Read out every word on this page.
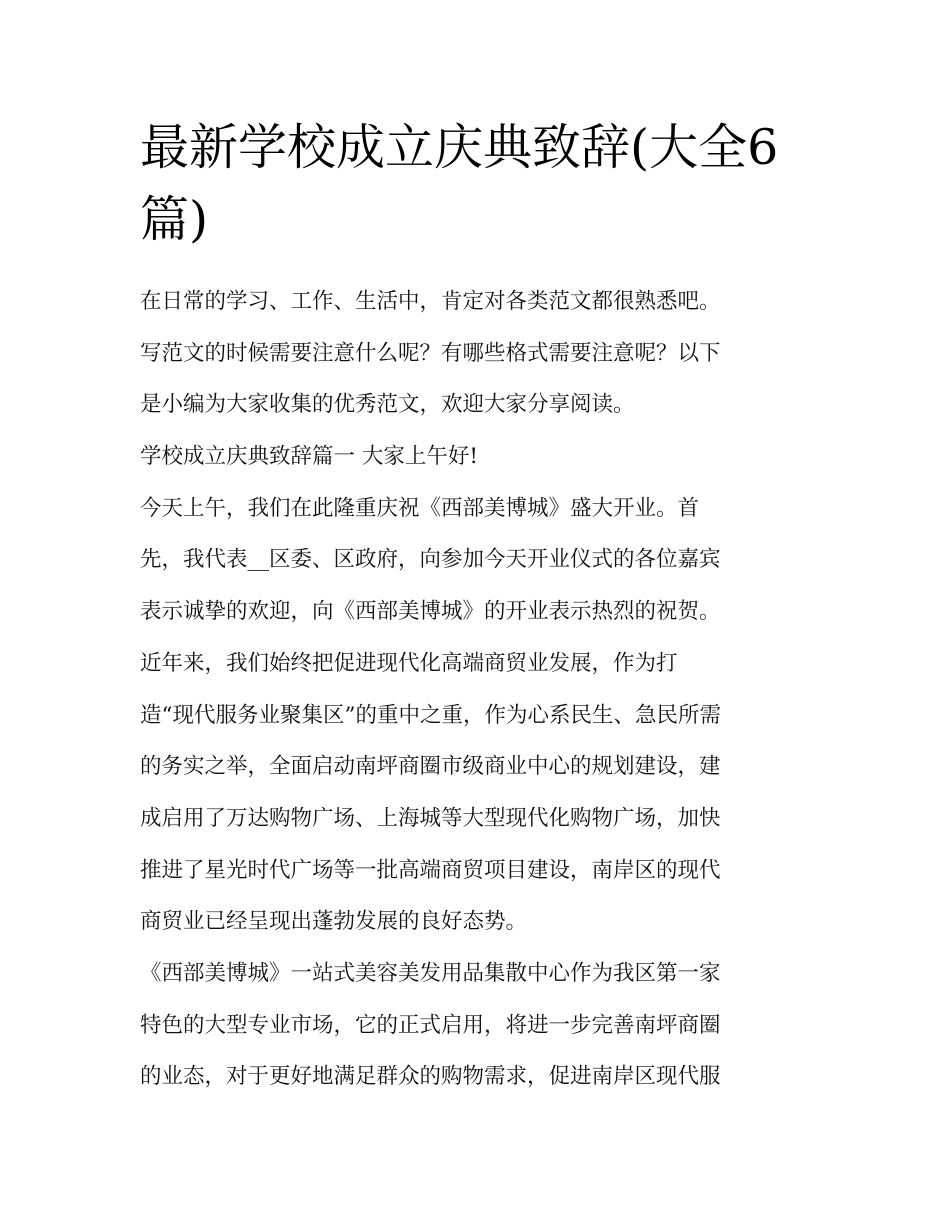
最新学校成立庆典致辞(大全6
篇)
在日常的学习、工作、生活中，肯定对各类范文都很熟悉吧。
写范文的时候需要注意什么呢？有哪些格式需要注意呢？以下
是小编为大家收集的优秀范文，欢迎大家分享阅读。
学校成立庆典致辞篇一 大家上午好!
今天上午，我们在此隆重庆祝《西部美博城》盛大开业。首
先，我代表__区委、区政府，向参加今天开业仪式的各位嘉宾
表示诚挚的欢迎，向《西部美博城》的开业表示热烈的祝贺。
近年来，我们始终把促进现代化高端商贸业发展，作为打
造“现代服务业聚集区”的重中之重，作为心系民生、急民所需
的务实之举，全面启动南坪商圈市级商业中心的规划建设，建
成启用了万达购物广场、上海城等大型现代化购物广场，加快
推进了星光时代广场等一批高端商贸项目建设，南岸区的现代
商贸业已经呈现出蓬勃发展的良好态势。
《西部美博城》一站式美容美发用品集散中心作为我区第一家
特色的大型专业市场，它的正式启用，将进一步完善南坪商圈
的业态，对于更好地满足群众的购物需求，促进南岸区现代服
